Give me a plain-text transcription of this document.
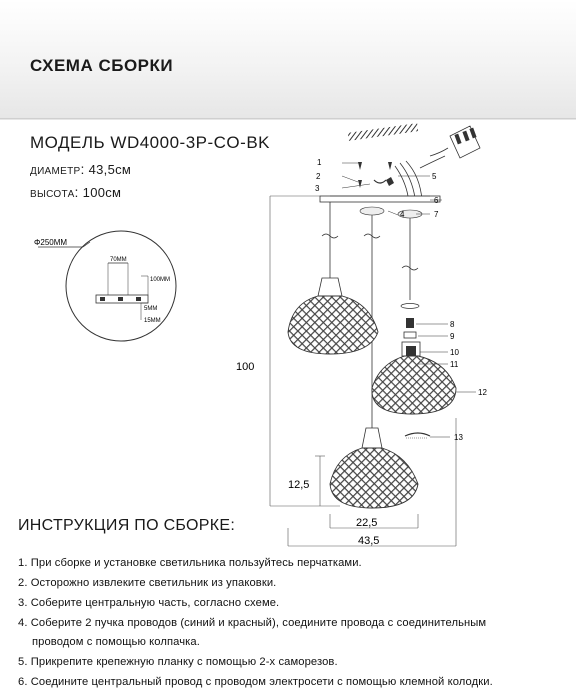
СХЕМА СБОРКИ
МОДЕЛЬ WD4000-3P-CO-BK
диаметр: 43,5см
высота: 100см
Φ250MM
70MM
100MM
5MM
15MM
100
12,5
22,5
43,5
1
2
3
4
5
6
7
8
9
10
11
12
13
ИНСТРУКЦИЯ ПО СБОРКЕ:
1. При сборке и установке светильника пользуйтесь перчатками.
2. Осторожно извлеките светильник из упаковки.
3. Соберите центральную часть, согласно схеме.
4. Соберите 2 пучка проводов (синий и красный), соедините провода с соединительным
проводом с помощью колпачка.
5. Прикрепите крепежную планку с помощью 2-х саморезов.
6. Соедините центральный провод с проводом электросети с помощью клемной колодки.
